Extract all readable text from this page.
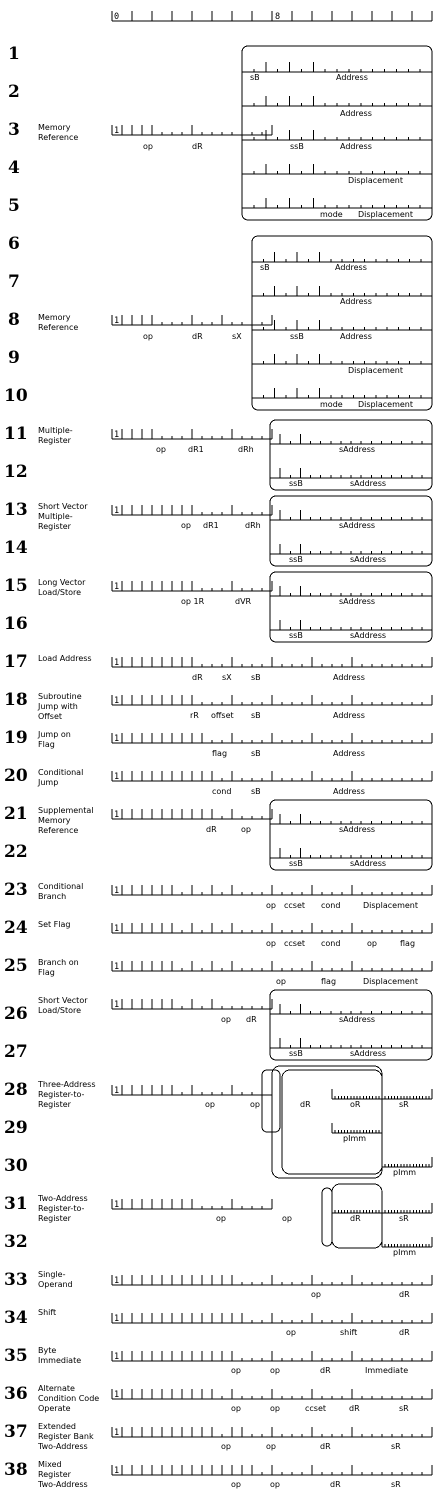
1
1
1
1
1
1
1
1
1
1
1
1
1
1
1
1
1
1
1
1
1
1
0	8
1
2
3
4
5
6
7
8
9
10
11
12
13
14
15
16
17
18
19
20
21
22
23
24
25
26
27
28
29
30
31
32
33
34
35
36
37
38
Memory Reference
Memory Reference
Multiple-Register
Short Vector Multiple-Register
Long Vector Load/Store
Load Address
Subroutine Jump with Offset
Jump on Flag
Conditional Jump
Supplemental Memory Reference
Conditional Branch
Set Flag
Branch on Flag
Short Vector Load/Store
Three-Address Register-to-Register
Two-Address Register-to-Register
Single-Operand
Shift
Byte Immediate
Alternate Condition Code Operate
Extended Register Bank Two-Address
Mixed Register Two-Address
sB	Address
Address
ssB	Address
Displacement
mode Displacement
op	dR
sB	Address
Address
ssB	Address
Displacement
mode Displacement
op	dR	sX
op	dR1	dRh	sAddress
ssB	sAddress
op dR1	dRh	sAddress
ssB	sAddress
op 1R	dVR	sAddress
ssB	sAddress
dR sX sB	Address
rR offset sB	Address
flag	sB	Address
cond sB	Address
dR	op	sAddress
ssB	sAddress
op ccset cond	Displacement
op ccset cond	op	flag
op	flag	Displacement
op dR	sAddress
ssB	sAddress
op	op	dR	oR	sR
pImm
pImm
op	op	dR	sR
pImm
op	dR
op	shift	dR
op	op	dR	Immediate
op	op	ccset	dR	sR
op	op	dR	sR
op	op	dR	sR
